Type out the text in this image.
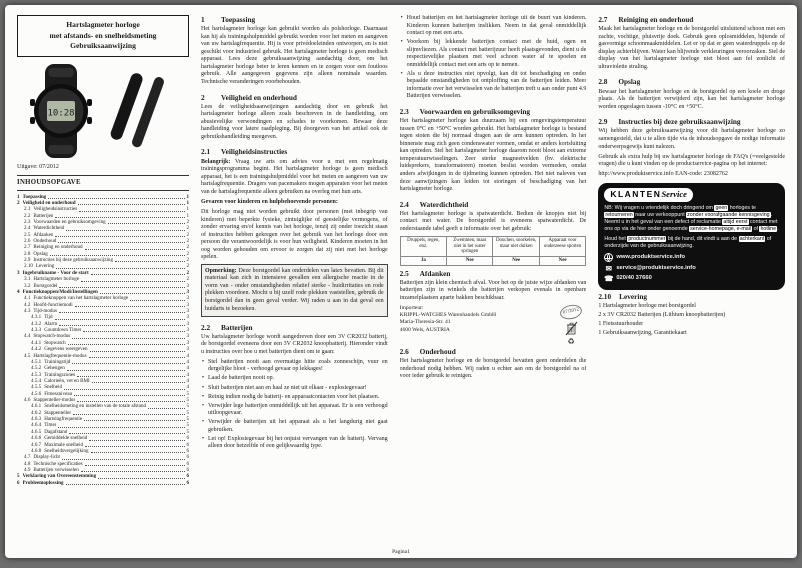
Hartslagmeter horloge
met afstands- en snelheidsmeting
Gebruiksaanwijzing
10:28
Uitgave: 07/2012
INHOUDSOPGAVE
1 Toepassing	1
2 Veiligheid en onderhoud	1
2.1 Veiligheidsinstructies	1
2.2 Batterijen	1
2.3 Voorwaarden en gebruiksomgeving	2
2.4 Waterdichtheid	2
2.5 Afdanken	2
2.6 Onderhoud	2
2.7 Reiniging en onderhoud	2
2.8 Opslag	2
2.9 Instructies bij deze gebruiksaanwijzing	2
2.10 Levering	2
3 Ingebruikname - Voor de start	2
3.1 Hartslagmeter horloge	2
3.2 Borstgordel	3
4 Functieknoppen/Modi/Instellingen	3
4.1 Functieknoppen van het hartslagmeter horloge	3
4.2 Hoofd-functiemodi	3
4.3 Tijd-modus	3
4.3.1 Tijd	3
4.3.2 Alarm	3
4.3.3 Countdown Timer	3
4.4 Stopwatch-modus	3
4.4.1 Stopwatch	3
4.4.2 Gegevens weergeven	3
4.5 Hartslagfrequentie-modus	4
4.5.1 Trainingstijd	4
4.5.2 Geheugen	4
4.5.3 Trainingszones	4
4.5.4 Calorieën, vet en BMI	4
4.5.5 Snelheid	4
4.5.6 Fitnessniveau	5
4.6 Stappenteller-modus	5
4.6.1 Snelheidsmeting en instellen van de totale afstand	5
4.6.2 Stappenteller	5
4.6.3 Hartslagfrequentie	5
4.6.4 Timer	5
4.6.5 Dagafstand	5
4.6.6 Gemiddelde snelheid	6
4.6.7 Maximale snelheid	6
4.6.8 Snelheidsvergelijking	6
4.7 Display-licht	6
4.8 Technische specificaties	6
4.9 Batterijen verwisselen	6
5 Verklaring van Overeenstemming	6
6 Probleemoplossing	6
1	Toepassing

Het hartslagmeter horloge kan gebruikt worden als polshorloge. Daarnaast kan hij als trainingshulpmiddel gebruikt worden voor het meten en aangeven van uw hartslagfrequentie. Hij is voor privédoeleinden ontworpen, en is niet geschikt voor industrieel gebruik. Het hartslagmeter horloge is geen medisch apparaat. Lees deze gebruiksaanwijzing aandachtig door, om het hartslagmeter horloge beter te leren kennen en te zorgen voor een foutloos gebruik. Alle aangegeven gegevens zijn alleen nominale waarden. Technische veranderingen voorbehouden.

2	Veiligheid en onderhoud

Lees de veiligheidsaanwijzingen aandachtig door en gebruik het hartslagmeter horloge alleen zoals beschreven in de handleiding, om abusievelijke verwondingen en schades te voorkomen. Bewaar deze handleiding voor latere raadpleging. Bij doorgeven van het artikel ook de gebruikshandleiding meegeven.

2.1	Veiligheidsinstructies

Belangrijk: Vraag uw arts om advies voor u met een regelmatig trainingsprogramma begint. Het hartslagmeter horloge is geen medisch apparaat, het is een trainingshulpmiddel voor het meten en aangeven van uw hartslagfrequentie. Dragers van pacemakers mogen apparaten voor het meten van de hartslagfrequentie alleen gebruiken na overleg met hun arts.

Gevaren voor kinderen en hulpbehoevende personen:

Dit horloge mag niet worden gebruikt door personen (met inbegrip van kinderen) met beperkte fysieke, zintuiglijke of geestelijke vermogens, of zonder ervaring en/of kennis van het horloge, tenzij zij onder toezicht staan of instructies hebben gekregen over het gebruik van het horloge door een persoon die verantwoordelijk is voor hun veiligheid. Kinderen moeten in het oog worden gehouden om ervoor te zorgen dat zij niet met het horloge spelen.

Opmerking: Deze borstgordel kan onderdelen van latex bevatten. Bij dit materiaal kan zich in intensieve gevallen een allergische reactie in de vorm van - onder omstandigheden relatief sterke - huidirritaties en rode plekken voordoen. Mocht u bij uzelf rode plekken vaststellen, gebruik de borstgordel dan in geen geval verder. Wij raden u aan in dat geval een huidarts te bezoeken.
2.2	Batterijen

Uw hartslagmeter horloge wordt aangedreven door een 3V CR2032 batterij, de borstgordel eveneens door een 3V CR2032 knoopbatterij. Hieronder vindt u instructies over hoe u met batterijen dient om te gaan:

• Stel batterijen nooit aan overmatige hitte zoals zonneschijn, vuur en dergelijke bloot - verhoogd gevaar op lekkages!
• Laad de batterijen nooit op.
• Sluit batterijen niet aan en haal ze niet uit elkaar - explosiegevaar!
• Reinig indien nodig de batterij- en apparaatcontacten voor het plaatsen.
• Verwijder lege batterijen onmiddellijk uit het apparaat. Er is een verhoogd uitloopgevaar.
• Verwijder de batterijen uit het apparaat als u het langdurig niet gaat gebruiken.
• Let op! Explosiegevaar bij het onjuist vervangen van de batterij. Vervang alleen door hetzelfde of een gelijkwaardig type.
• Houd batterijen en het hartslagmeter horloge uit de buurt van kinderen. Kinderen kunnen batterijen inslikken. Neem in dat geval onmiddellijk contact op met een arts.
• Voorkom bij lekkende batterijen contact met de huid, ogen en slijmvliezen. Als contact met batterijzuur heeft plaatsgevonden, dient u de respectievelijke plaatsen met veel schoon water af te spoelen en onmiddellijk contact met een arts op te nemen.
• Als u deze instructies niet opvolgt, kan dit tot beschadiging en onder bepaalde omstandigheden tot ontploffing van de batterijen leiden. Meer informatie over het verwisselen van de batterijen treft u aan onder punt 4.9 Batterijen verwisselen.
2.3	Voorwaarden en gebruiksomgeving

Het hartslagmeter horloge kan duurzaam bij een omgevingstemperatuur tussen 0°C en +50°C worden gebruikt. Het hartslagmeter horloge is bestand tegen stoten die bij normaal dragen aan de arm kunnen optreden. In het binnenste mag zich geen condenswater vormen, omdat er anders kortsluiting kan optreden. Stel het hartslagmeter horloge daarom nooit bloot aan extreme temperatuurwisselingen. Zeer sterke magneetvelden (bv. elektrische luidsprekers, transformatoren) moeten beslist worden vermeden, omdat anders afwijkingen in de tijdmeting kunnen optreden. Het niet naleven van deze aanwijzingen kan leiden tot storingen of beschadiging van het hartslagmeter horloge.

2.4	Waterdichtheid

Het hartslagmeter horloge is spatwaterdicht. Bedien de knopjes niet bij contact met water. De borstgordel is eveneens spatwaterdicht. De onderstaande tabel geeft u informatie over het gebruik:

Druppels, regen, enz.	Zwemmen, maar niet in het water springen	Douchen, snorkelen, maar niet duiken	Apparaat voor onderzeese sporten
Ja	Nee	Nee	Nee
2.5	Afdanken

Batterijen zijn klein chemisch afval. Voor het op de juiste wijze afdanken van batterijen zijn in winkels die batterijen verkopen evenals in openbare inzamelplaatsen aparte bakken beschikbaar.

Importeur:
KRIPPL-WATCHES Warenhandels GmbH
Maria-Theresia-Str. 41
4600 Wels, AUSTRIA
07/2012
♻
2.6	Onderhoud

Het hartslagmeter horloge en de borstgordel bevatten geen onderdelen die onderhoud nodig hebben. Wij raden u echter aan om de borstgordel na of voor ieder gebruik te reinigen.

2.7	Reiniging en onderhoud

Maak het hartslagmeter horloge en de borstgordel uitsluitend schoon met een zachte, vochtige, pluisvrije doek. Gebruik geen oplosmiddelen, bijtende of gasvormige schoonmaakmiddelen. Let er op dat er geen waterdruppels op de display achterblijven. Water kan blijvende verkleuringen veroorzaken. Stel de display van het hartslagmeter horloge niet bloot aan fel zonlicht of ultraviolette straling.

2.8	Opslag

Bewaar het hartslagmeter horloge en de borstgordel op een koele en droge plaats. Als de batterijen verwijderd zijn, kan het hartslagmeter horloge worden opgeslagen tussen -10°C en +50°C.

2.9	Instructies bij deze gebruiksaanwijzing

Wij hebben deze gebruiksaanwijzing voor dit hartslagmeter horloge zo samengesteld, dat u te allen tijde via de inhoudsopgave de nodige informatie onderwerpsgewijs kunt nalezen.

Gebruik als extra hulp bij uw hartslagmeter horloge de FAQ's (=veelgestelde vragen) die u kunt vinden op de productservice-pagina op het internet:

http://www.produktservice.info EAN-code: 23082762
KLANTENService

NB: Wij vragen u vriendelijk doch dringend om geen horloges te retourneren naar uw verkooppunt zonder voorafgaande kennisgeving. Neemt u in het geval van een defect of reclamatie altijd eerst contact met ons op via de hier onder genoemde service-homepage, e-mail of hotline.

Houd het productnummer bij de hand, dit vindt u aan de achterkant of onderzijde van de gebruiksaanwijzing.

www.produktservice.info
✉
service@produktservice.info
☎
020/40 37660
2.10 Levering
1 Hartslagmeter horloge met borstgordel
2 x 3V CR2032 Batterijen (Lithium knoopbatterijen)
1 Fietsstuurhouder
1 Gebruiksaanwijzing, Garantiekaart
Pagina1
